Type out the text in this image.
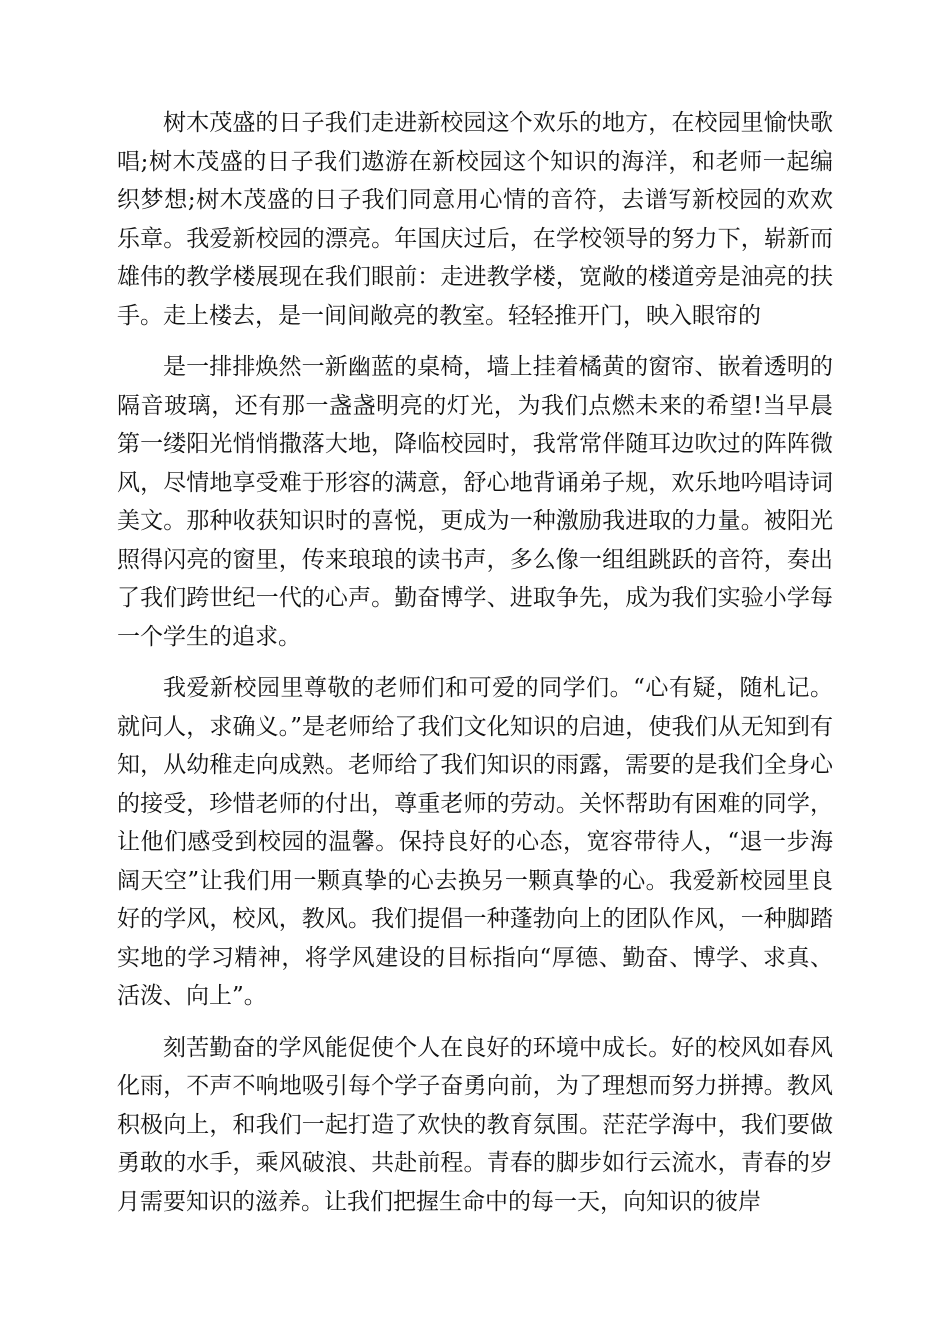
树木茂盛的日子我们走进新校园这个欢乐的地方，在校园里愉快歌唱;树木茂盛的日子我们遨游在新校园这个知识的海洋，和老师一起编织梦想;树木茂盛的日子我们同意用心情的音符，去谱写新校园的欢欢乐章。我爱新校园的漂亮。年国庆过后，在学校领导的努力下，崭新而雄伟的教学楼展现在我们眼前：走进教学楼，宽敞的楼道旁是油亮的扶手。走上楼去，是一间间敞亮的教室。轻轻推开门，映入眼帘的

是一排排焕然一新幽蓝的桌椅，墙上挂着橘黄的窗帘、嵌着透明的隔音玻璃，还有那一盏盏明亮的灯光，为我们点燃未来的希望!当早晨第一缕阳光悄悄撒落大地，降临校园时，我常常伴随耳边吹过的阵阵微风，尽情地享受难于形容的满意，舒心地背诵弟子规，欢乐地吟唱诗词美文。那种收获知识时的喜悦，更成为一种激励我进取的力量。被阳光照得闪亮的窗里，传来琅琅的读书声，多么像一组组跳跃的音符，奏出了我们跨世纪一代的心声。勤奋博学、进取争先，成为我们实验小学每一个学生的追求。

我爱新校园里尊敬的老师们和可爱的同学们。“心有疑，随札记。就问人，求确义。”是老师给了我们文化知识的启迪，使我们从无知到有知，从幼稚走向成熟。老师给了我们知识的雨露，需要的是我们全身心的接受，珍惜老师的付出，尊重老师的劳动。关怀帮助有困难的同学，让他们感受到校园的温馨。保持良好的心态，宽容带待人，“退一步海阔天空”让我们用一颗真挚的心去换另一颗真挚的心。我爱新校园里良好的学风，校风，教风。我们提倡一种蓬勃向上的团队作风，一种脚踏实地的学习精神，将学风建设的目标指向“厚德、勤奋、博学、求真、活泼、向上”。

刻苦勤奋的学风能促使个人在良好的环境中成长。好的校风如春风化雨，不声不响地吸引每个学子奋勇向前，为了理想而努力拼搏。教风积极向上，和我们一起打造了欢快的教育氛围。茫茫学海中，我们要做勇敢的水手，乘风破浪、共赴前程。青春的脚步如行云流水，青春的岁月需要知识的滋养。让我们把握生命中的每一天，向知识的彼岸
